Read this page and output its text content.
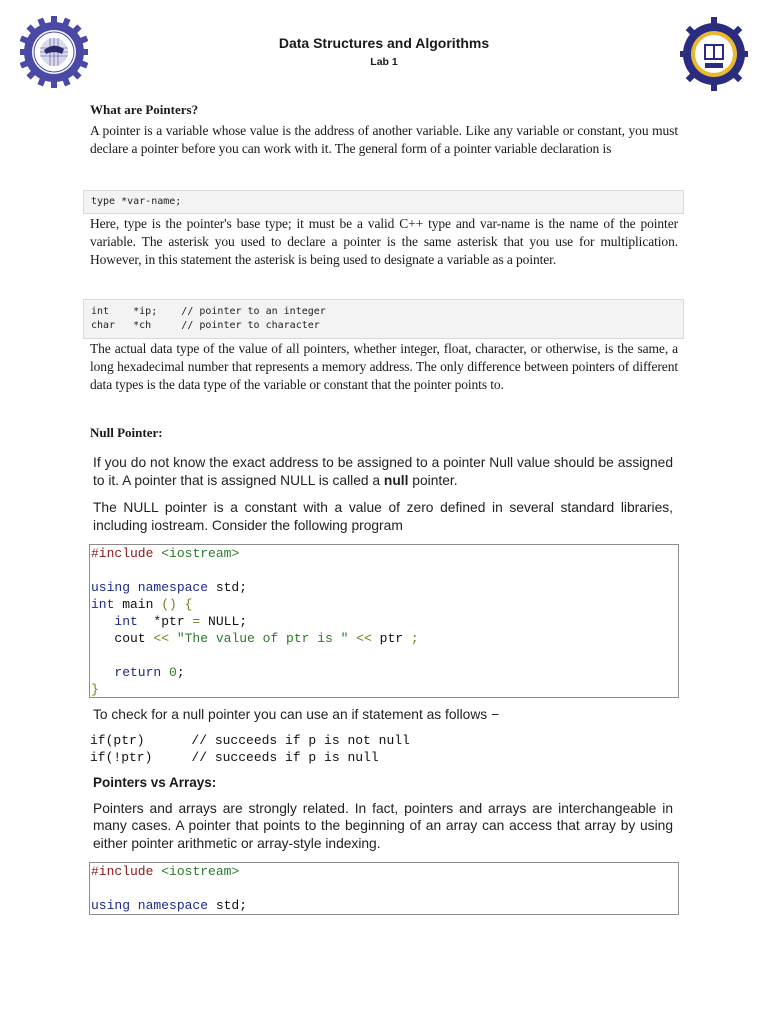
Data Structures and Algorithms
Lab 1
What are Pointers?

A pointer is a variable whose value is the address of another variable. Like any variable or constant, you must declare a pointer before you can work with it. The general form of a pointer variable declaration is

type *var-name;

Here, type is the pointer's base type; it must be a valid C++ type and var-name is the name of the pointer variable. The asterisk you used to declare a pointer is the same asterisk that you use for multiplication. However, in this statement the asterisk is being used to designate a variable as a pointer.

int    *ip;    // pointer to an integer
char   *ch     // pointer to character

The actual data type of the value of all pointers, whether integer, float, character, or otherwise, is the same, a long hexadecimal number that represents a memory address. The only difference between pointers of different data types is the data type of the variable or constant that the pointer points to.

Null Pointer:

If you do not know the exact address to be assigned to a pointer Null value should be assigned to it. A pointer that is assigned NULL is called a null pointer.

The NULL pointer is a constant with a value of zero defined in several standard libraries, including iostream. Consider the following program

#include <iostream>
using namespace std;
int main () {
int  *ptr = NULL;
cout << "The value of ptr is " << ptr ;
return 0;
}

To check for a null pointer you can use an if statement as follows −

if(ptr)      // succeeds if p is not null
if(!ptr)     // succeeds if p is null
Pointers vs Arrays:

Pointers and arrays are strongly related. In fact, pointers and arrays are interchangeable in many cases. A pointer that points to the beginning of an array can access that array by using either pointer arithmetic or array-style indexing.

#include <iostream>
using namespace std;
